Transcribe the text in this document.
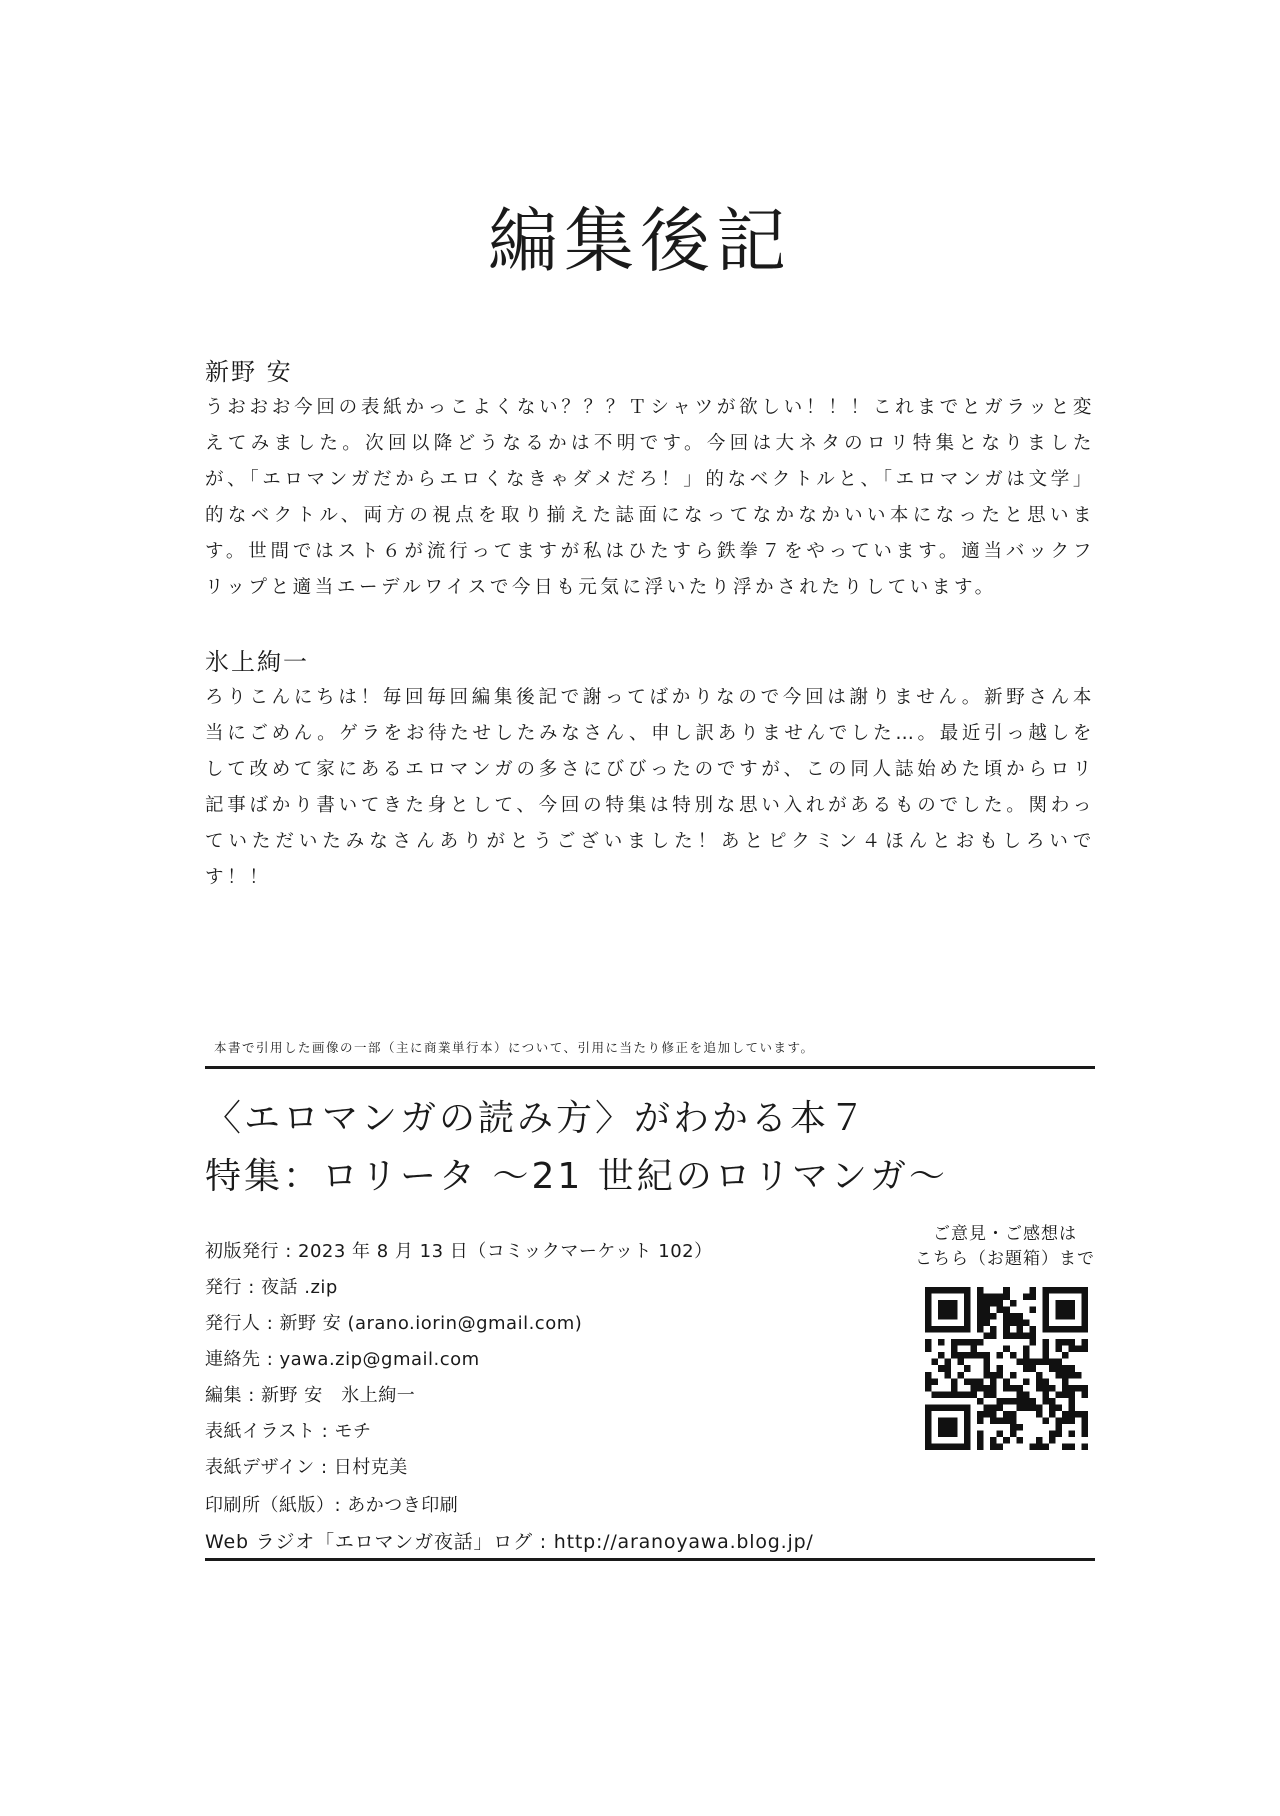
編集後記
新野 安

うおおお今回の表紙かっこよくない？？？Ｔシャツが欲しい！！！これまでとガラッと変えてみました。次回以降どうなるかは不明です。今回は大ネタのロリ特集となりましたが、「エロマンガだからエロくなきゃダメだろ！」的なベクトルと、「エロマンガは文学」的なベクトル、両方の視点を取り揃えた誌面になってなかなかいい本になったと思います。世間ではスト６が流行ってますが私はひたすら鉄拳７をやっています。適当バックフリップと適当エーデルワイスで今日も元気に浮いたり浮かされたりしています。

氷上絢一

ろりこんにちは！毎回毎回編集後記で謝ってばかりなので今回は謝りません。新野さん本当にごめん。ゲラをお待たせしたみなさん、申し訳ありませんでした…。最近引っ越しをして改めて家にあるエロマンガの多さにびびったのですが、この同人誌始めた頃からロリ記事ばかり書いてきた身として、今回の特集は特別な思い入れがあるものでした。関わっていただいたみなさんありがとうございました！あとピクミン４ほんとおもしろいです！！

本書で引用した画像の一部（主に商業単行本）について、引用に当たり修正を追加しています。
〈エロマンガの読み方〉がわかる本７
特集：ロリータ 〜21 世紀のロリマンガ〜
初版発行 : 2023 年 8 月 13 日（コミックマーケット 102）
発行 : 夜話 .zip
発行人 : 新野 安 (arano.iorin@gmail.com)
連絡先 : yawa.zip@gmail.com
編集 : 新野 安　氷上絢一
表紙イラスト : モチ
表紙デザイン : 日村克美
印刷所（紙版）: あかつき印刷
ご意見・ご感想は
こちら（お題箱）まで
Web ラジオ「エロマンガ夜話」ログ : http://aranoyawa.blog.jp/
